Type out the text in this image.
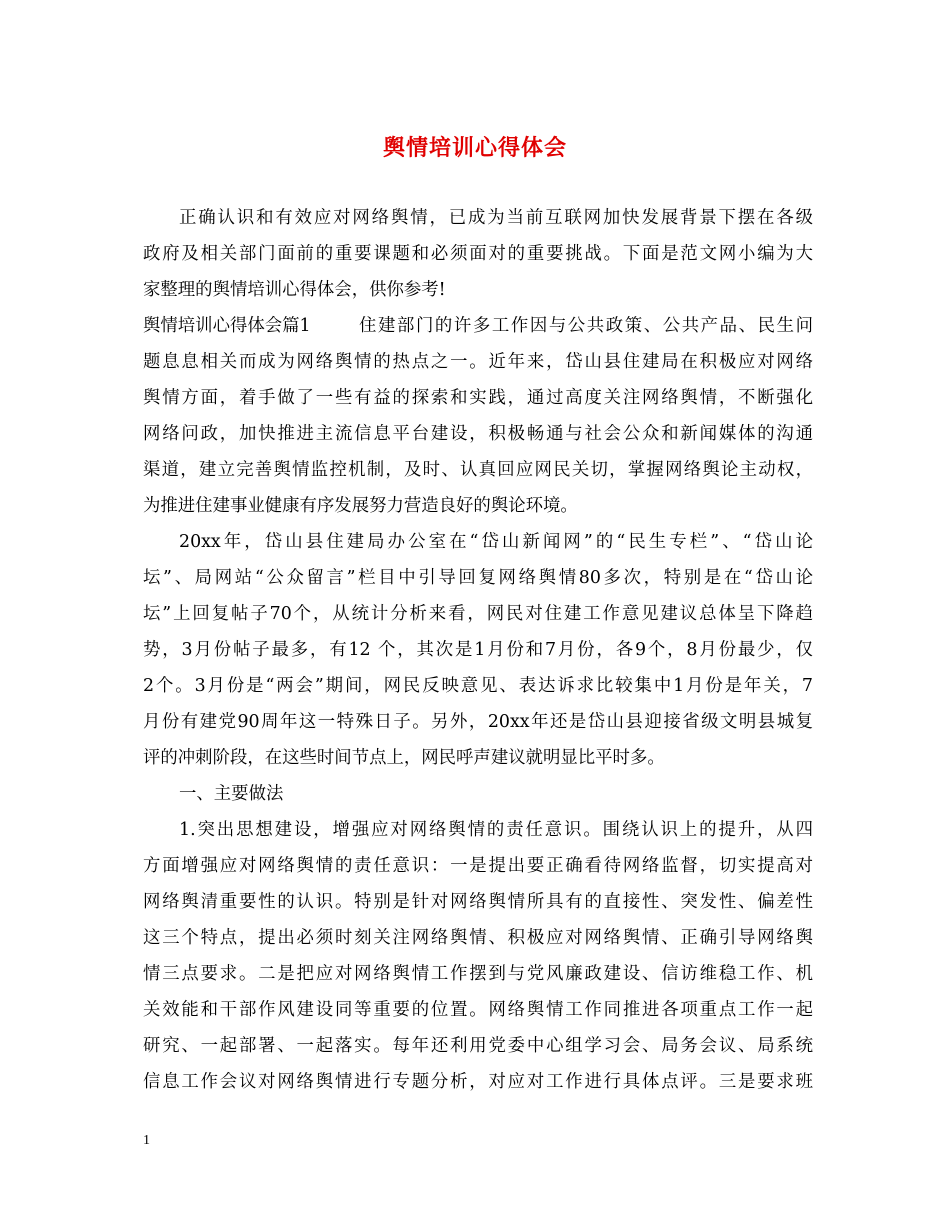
舆情培训心得体会
正确认识和有效应对网络舆情，已成为当前互联网加快发展背景下摆在各级
政府及相关部门面前的重要课题和必须面对的重要挑战。下面是范文网小编为大
家整理的舆情培训心得体会，供你参考!
舆情培训心得体会篇1	住建部门的许多工作因与公共政策、公共产品、民生问
题息息相关而成为网络舆情的热点之一。近年来，岱山县住建局在积极应对网络
舆情方面，着手做了一些有益的探索和实践，通过高度关注网络舆情，不断强化
网络问政，加快推进主流信息平台建设，积极畅通与社会公众和新闻媒体的沟通
渠道，建立完善舆情监控机制，及时、认真回应网民关切，掌握网络舆论主动权，
为推进住建事业健康有序发展努力营造良好的舆论环境。
20xx年，岱山县住建局办公室在“岱山新闻网”的“民生专栏”、“岱山论
坛”、局网站“公众留言”栏目中引导回复网络舆情80多次，特别是在“岱山论
坛”上回复帖子70个，从统计分析来看，网民对住建工作意见建议总体呈下降趋
势，3月份帖子最多，有12 个，其次是1月份和7月份，各9个，8月份最少，仅
2个。3月份是“两会”期间，网民反映意见、表达诉求比较集中1月份是年关，7
月份有建党90周年这一特殊日子。另外，20xx年还是岱山县迎接省级文明县城复
评的冲刺阶段，在这些时间节点上，网民呼声建议就明显比平时多。
一、主要做法
1.突出思想建设，增强应对网络舆情的责任意识。围绕认识上的提升，从四
方面增强应对网络舆情的责任意识：一是提出要正确看待网络监督，切实提高对
网络舆清重要性的认识。特别是针对网络舆情所具有的直接性、突发性、偏差性
这三个特点，提出必须时刻关注网络舆情、积极应对网络舆情、正确引导网络舆
情三点要求。二是把应对网络舆情工作摆到与党风廉政建设、信访维稳工作、机
关效能和干部作风建设同等重要的位置。网络舆情工作同推进各项重点工作一起
研究、一起部署、一起落实。每年还利用党委中心组学习会、局务会议、局系统
信息工作会议对网络舆情进行专题分析，对应对工作进行具体点评。三是要求班
1
